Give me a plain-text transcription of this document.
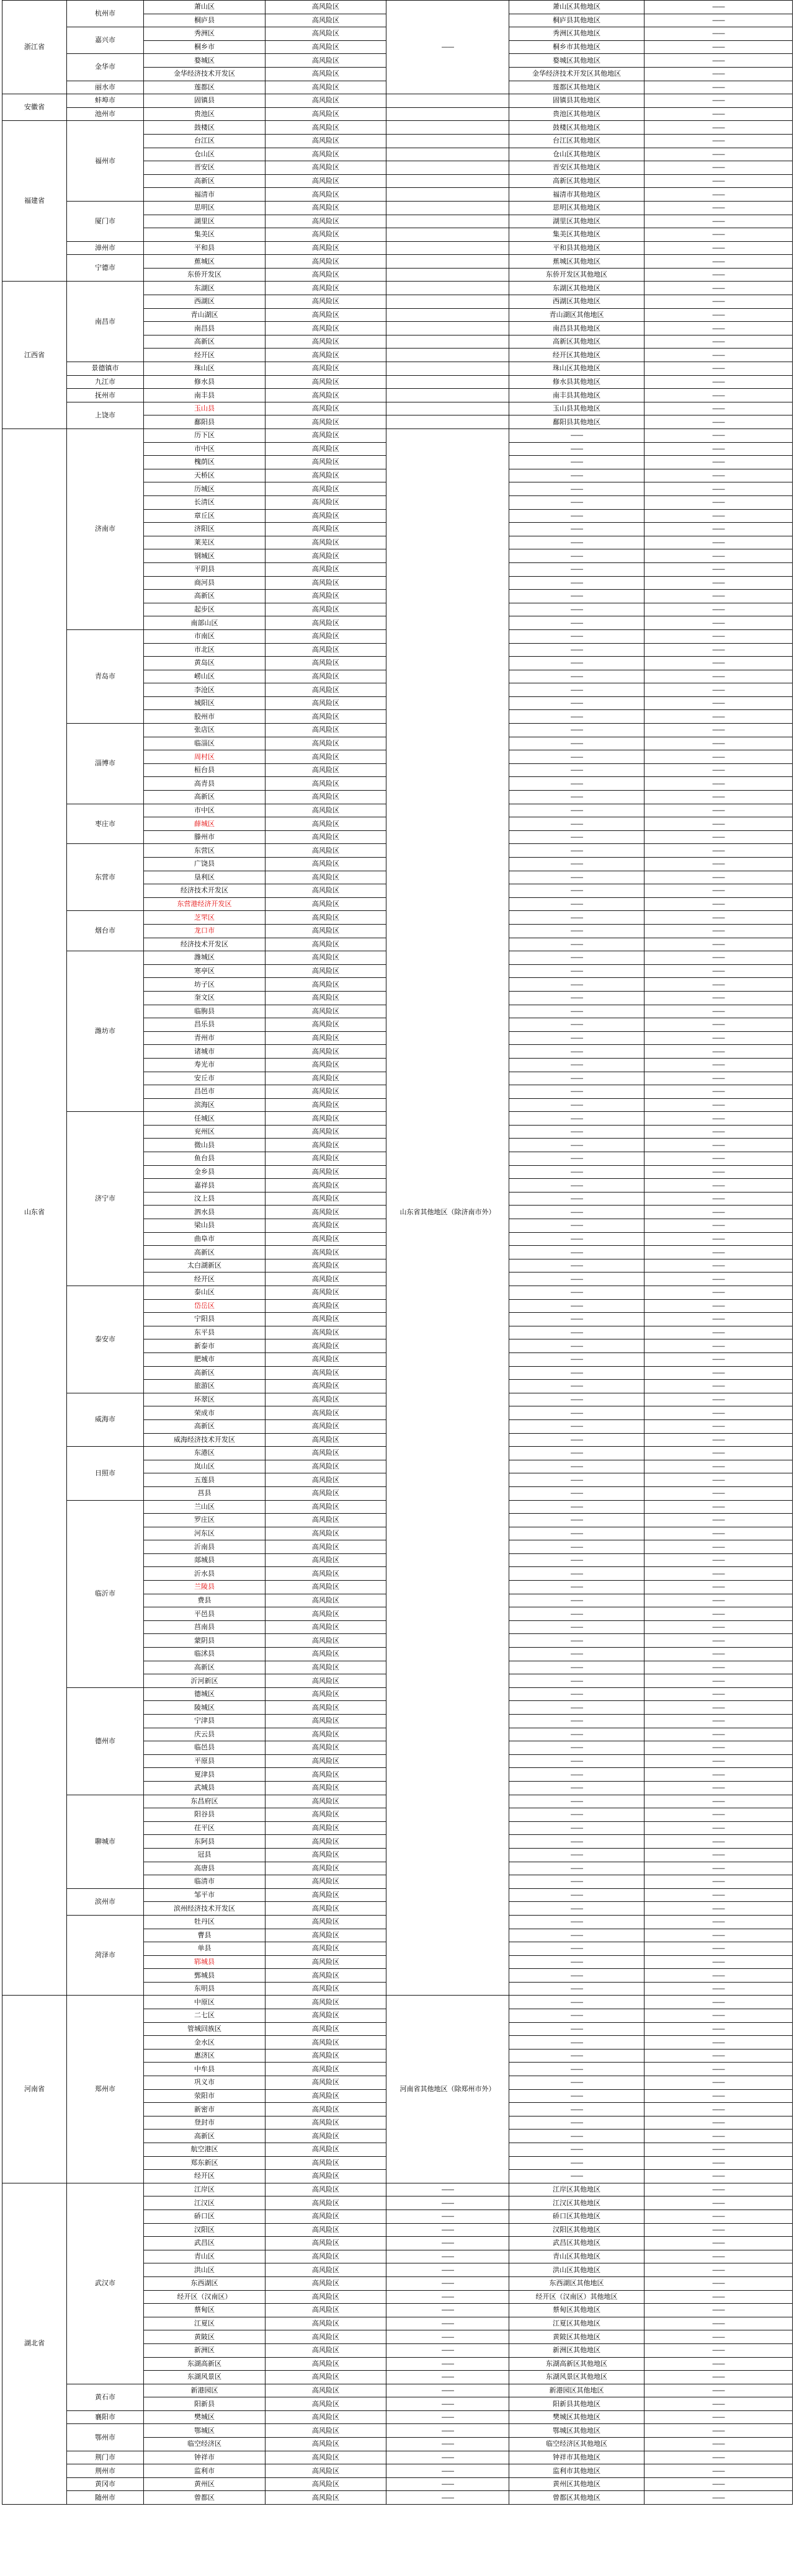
浙江省	杭州市	萧山区	高风险区	——	萧山区其他地区	——
		桐庐县	高风险区		桐庐县其他地区	——
	嘉兴市	秀洲区	高风险区		秀洲区其他地区	——
		桐乡市	高风险区		桐乡市其他地区	——
	金华市	婺城区	高风险区		婺城区其他地区	——
		金华经济技术开发区	高风险区		金华经济技术开发区其他地区	——
	丽水市	莲都区	高风险区		莲都区其他地区	——
安徽省	蚌埠市	固镇县	高风险区		固镇县其他地区	——
	池州市	贵池区	高风险区		贵池区其他地区	——
福建省	福州市	鼓楼区	高风险区		鼓楼区其他地区	——
		台江区	高风险区		台江区其他地区	——
		仓山区	高风险区		仓山区其他地区	——
		晋安区	高风险区		晋安区其他地区	——
		高新区	高风险区		高新区其他地区	——
		福清市	高风险区		福清市其他地区	——
	厦门市	思明区	高风险区		思明区其他地区	——
		湖里区	高风险区		湖里区其他地区	——
		集美区	高风险区		集美区其他地区	——
	漳州市	平和县	高风险区		平和县其他地区	——
	宁德市	蕉城区	高风险区		蕉城区其他地区	——
		东侨开发区	高风险区		东侨开发区其他地区	——
江西省	南昌市	东湖区	高风险区		东湖区其他地区	——
		西湖区	高风险区		西湖区其他地区	——
		青山湖区	高风险区		青山湖区其他地区	——
		南昌县	高风险区		南昌县其他地区	——
		高新区	高风险区		高新区其他地区	——
		经开区	高风险区		经开区其他地区	——
	景德镇市	珠山区	高风险区		珠山区其他地区	——
	九江市	修水县	高风险区		修水县其他地区	——
	抚州市	南丰县	高风险区		南丰县其他地区	——
	上饶市	玉山县	高风险区		玉山县其他地区	——
		鄱阳县	高风险区		鄱阳县其他地区	——
山东省	济南市	历下区	高风险区	山东省其他地区（除济南市外）	——	——
		市中区	高风险区		——	——
		槐荫区	高风险区		——	——
		天桥区	高风险区		——	——
		历城区	高风险区		——	——
		长清区	高风险区		——	——
		章丘区	高风险区		——	——
		济阳区	高风险区		——	——
		莱芜区	高风险区		——	——
		钢城区	高风险区		——	——
		平阴县	高风险区		——	——
		商河县	高风险区		——	——
		高新区	高风险区		——	——
		起步区	高风险区		——	——
		南部山区	高风险区		——	——
	青岛市	市南区	高风险区		——	——
		市北区	高风险区		——	——
		黄岛区	高风险区		——	——
		崂山区	高风险区		——	——
		李沧区	高风险区		——	——
		城阳区	高风险区		——	——
		胶州市	高风险区		——	——
	淄博市	张店区	高风险区		——	——
		临淄区	高风险区		——	——
		周村区	高风险区		——	——
		桓台县	高风险区		——	——
		高青县	高风险区		——	——
		高新区	高风险区		——	——
	枣庄市	市中区	高风险区		——	——
		薛城区	高风险区		——	——
		滕州市	高风险区		——	——
	东营市	东营区	高风险区		——	——
		广饶县	高风险区		——	——
		垦利区	高风险区		——	——
		经济技术开发区	高风险区		——	——
		东营港经济开发区	高风险区		——	——
	烟台市	芝罘区	高风险区		——	——
		龙口市	高风险区		——	——
		经济技术开发区	高风险区		——	——
	潍坊市	潍城区	高风险区		——	——
		寒亭区	高风险区		——	——
		坊子区	高风险区		——	——
		奎文区	高风险区		——	——
		临朐县	高风险区		——	——
		昌乐县	高风险区		——	——
		青州市	高风险区		——	——
		诸城市	高风险区		——	——
		寿光市	高风险区		——	——
		安丘市	高风险区		——	——
		昌邑市	高风险区		——	——
		滨海区	高风险区		——	——
	济宁市	任城区	高风险区		——	——
		兖州区	高风险区		——	——
		微山县	高风险区		——	——
		鱼台县	高风险区		——	——
		金乡县	高风险区		——	——
		嘉祥县	高风险区		——	——
		汶上县	高风险区		——	——
		泗水县	高风险区		——	——
		梁山县	高风险区		——	——
		曲阜市	高风险区		——	——
		高新区	高风险区		——	——
		太白湖新区	高风险区		——	——
		经开区	高风险区		——	——
	泰安市	泰山区	高风险区		——	——
		岱岳区	高风险区		——	——
		宁阳县	高风险区		——	——
		东平县	高风险区		——	——
		新泰市	高风险区		——	——
		肥城市	高风险区		——	——
		高新区	高风险区		——	——
		旅游区	高风险区		——	——
	威海市	环翠区	高风险区		——	——
		荣成市	高风险区		——	——
		高新区	高风险区		——	——
		威海经济技术开发区	高风险区		——	——
	日照市	东港区	高风险区		——	——
		岚山区	高风险区		——	——
		五莲县	高风险区		——	——
		莒县	高风险区		——	——
	临沂市	兰山区	高风险区		——	——
		罗庄区	高风险区		——	——
		河东区	高风险区		——	——
		沂南县	高风险区		——	——
		郯城县	高风险区		——	——
		沂水县	高风险区		——	——
		兰陵县	高风险区		——	——
		费县	高风险区		——	——
		平邑县	高风险区		——	——
		莒南县	高风险区		——	——
		蒙阴县	高风险区		——	——
		临沭县	高风险区		——	——
		高新区	高风险区		——	——
		沂河新区	高风险区		——	——
	德州市	德城区	高风险区		——	——
		陵城区	高风险区		——	——
		宁津县	高风险区		——	——
		庆云县	高风险区		——	——
		临邑县	高风险区		——	——
		平原县	高风险区		——	——
		夏津县	高风险区		——	——
		武城县	高风险区		——	——
	聊城市	东昌府区	高风险区		——	——
		阳谷县	高风险区		——	——
		茌平区	高风险区		——	——
		东阿县	高风险区		——	——
		冠县	高风险区		——	——
		高唐县	高风险区		——	——
		临清市	高风险区		——	——
	滨州市	邹平市	高风险区		——	——
		滨州经济技术开发区	高风险区		——	——
	菏泽市	牡丹区	高风险区		——	——
		曹县	高风险区		——	——
		单县	高风险区		——	——
		郓城县	高风险区		——	——
		鄄城县	高风险区		——	——
		东明县	高风险区		——	——
河南省	郑州市	中原区	高风险区	河南省其他地区（除郑州市外）	——	——
		二七区	高风险区		——	——
		管城回族区	高风险区		——	——
		金水区	高风险区		——	——
		惠济区	高风险区		——	——
		中牟县	高风险区		——	——
		巩义市	高风险区		——	——
		荥阳市	高风险区		——	——
		新密市	高风险区		——	——
		登封市	高风险区		——	——
		高新区	高风险区		——	——
		航空港区	高风险区		——	——
		郑东新区	高风险区		——	——
		经开区	高风险区		——	——
湖北省	武汉市	江岸区	高风险区	——	江岸区其他地区	——
		江汉区	高风险区	——	江汉区其他地区	——
		硚口区	高风险区	——	硚口区其他地区	——
		汉阳区	高风险区	——	汉阳区其他地区	——
		武昌区	高风险区	——	武昌区其他地区	——
		青山区	高风险区	——	青山区其他地区	——
		洪山区	高风险区	——	洪山区其他地区	——
		东西湖区	高风险区	——	东西湖区其他地区	——
		经开区（汉南区）	高风险区	——	经开区（汉南区）其他地区	——
		蔡甸区	高风险区	——	蔡甸区其他地区	——
		江夏区	高风险区	——	江夏区其他地区	——
		黄陂区	高风险区	——	黄陂区其他地区	——
		新洲区	高风险区	——	新洲区其他地区	——
		东湖高新区	高风险区	——	东湖高新区其他地区	——
		东湖风景区	高风险区	——	东湖风景区其他地区	——
	黄石市	新港园区	高风险区	——	新港园区其他地区	——
		阳新县	高风险区	——	阳新县其他地区	——
	襄阳市	樊城区	高风险区	——	樊城区其他地区	——
	鄂州市	鄂城区	高风险区	——	鄂城区其他地区	——
		临空经济区	高风险区	——	临空经济区其他地区	——
	荆门市	钟祥市	高风险区	——	钟祥市其他地区	——
	荆州市	监利市	高风险区	——	监利市其他地区	——
	黄冈市	黄州区	高风险区	——	黄州区其他地区	——
	随州市	曾都区	高风险区	——	曾都区其他地区	——
